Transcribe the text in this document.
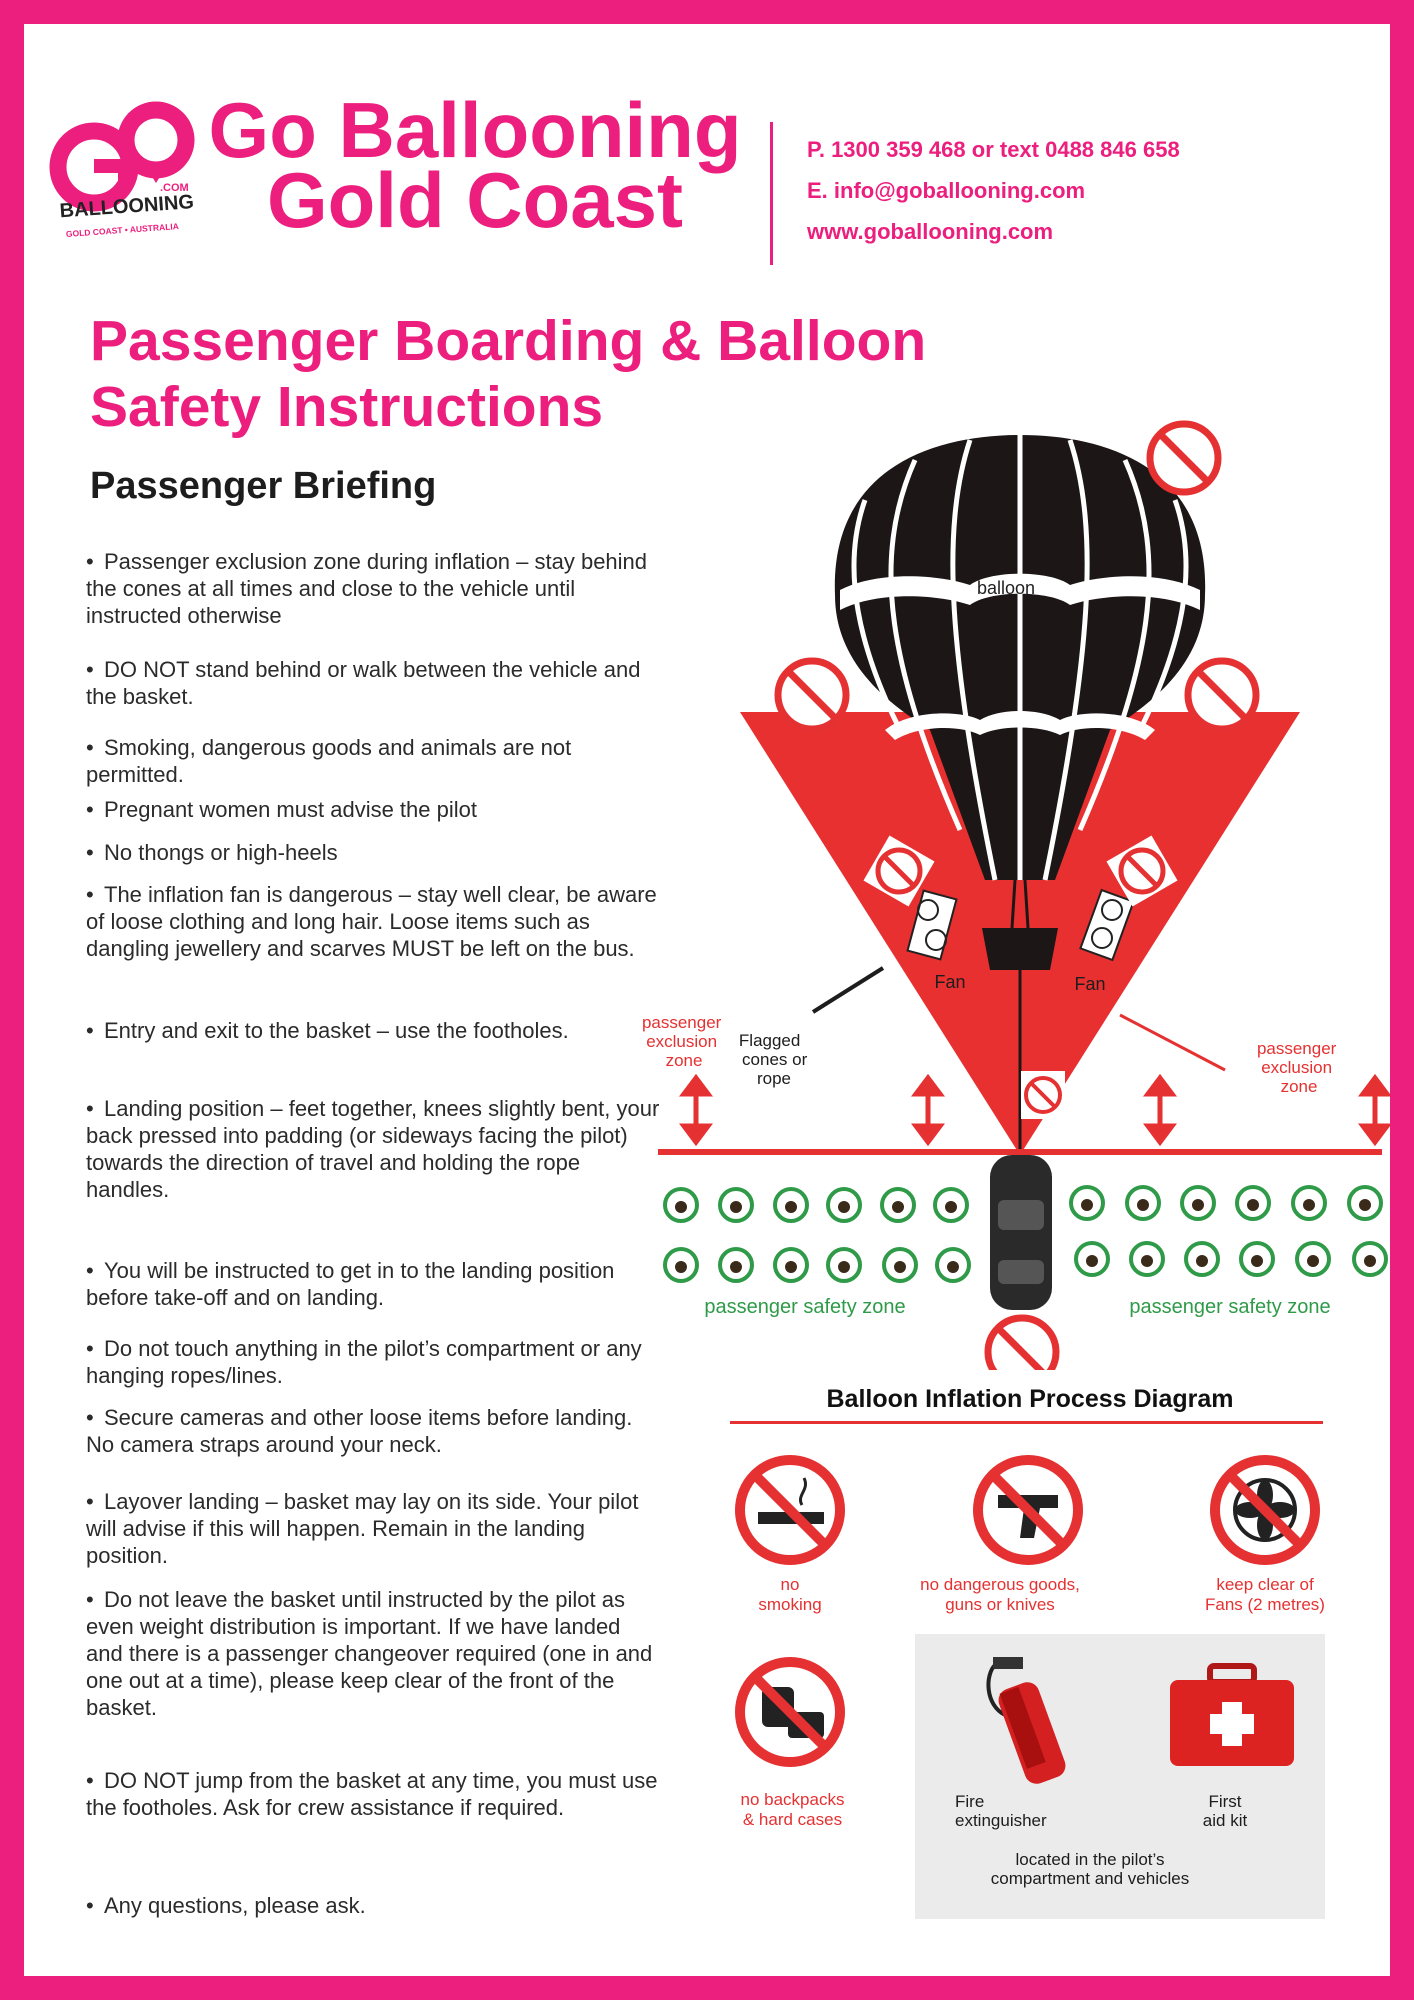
.COM
BALLOONING
GOLD COAST • AUSTRALIA
Go Ballooning
Gold Coast
P. 1300 359 468 or text 0488 846 658
E. info@goballooning.com
www.goballooning.com
Passenger Boarding & Balloon
Safety Instructions
Passenger Briefing
• Passenger exclusion zone during inflation – stay behind the cones at all times and close to the vehicle until instructed otherwise
• DO NOT stand behind or walk between the vehicle and the basket.
• Smoking, dangerous goods and animals are not permitted.
• Pregnant women must advise the pilot
• No thongs or high-heels
• The inflation fan is dangerous – stay well clear, be aware of loose clothing and long hair. Loose items such as dangling jewellery and scarves MUST be left on the bus.
• Entry and exit to the basket – use the footholes.
• Landing position – feet together, knees slightly bent, your back pressed into padding (or sideways facing the pilot) towards the direction of travel and holding the rope handles.
• You will be instructed to get in to the landing position before take-off and on landing.
• Do not touch anything in the pilot’s compartment or any hanging ropes/lines.
• Secure cameras and other loose items before landing. No camera straps around your neck.
• Layover landing – basket may lay on its side. Your pilot will advise if this will happen. Remain in the landing position.
• Do not leave the basket until instructed by the pilot as even weight distribution is important. If we have landed and there is a passenger changeover required (one in and one out at a time), please keep clear of the front of the basket.
• DO NOT jump from the basket at any time, you must use the footholes. Ask for crew assistance if required.
• Any questions, please ask.
balloon
Fan	Fan
passenger exclusion zone
Flagged cones or rope
passenger exclusion zone
passenger safety zone	passenger safety zone
Balloon Inflation Process Diagram
no
smoking
no dangerous goods,
guns or knives
keep clear of
Fans (2 metres)
no backpacks
& hard cases
Fire
extinguisher
First
aid kit
located in the pilot’s
compartment and vehicles
